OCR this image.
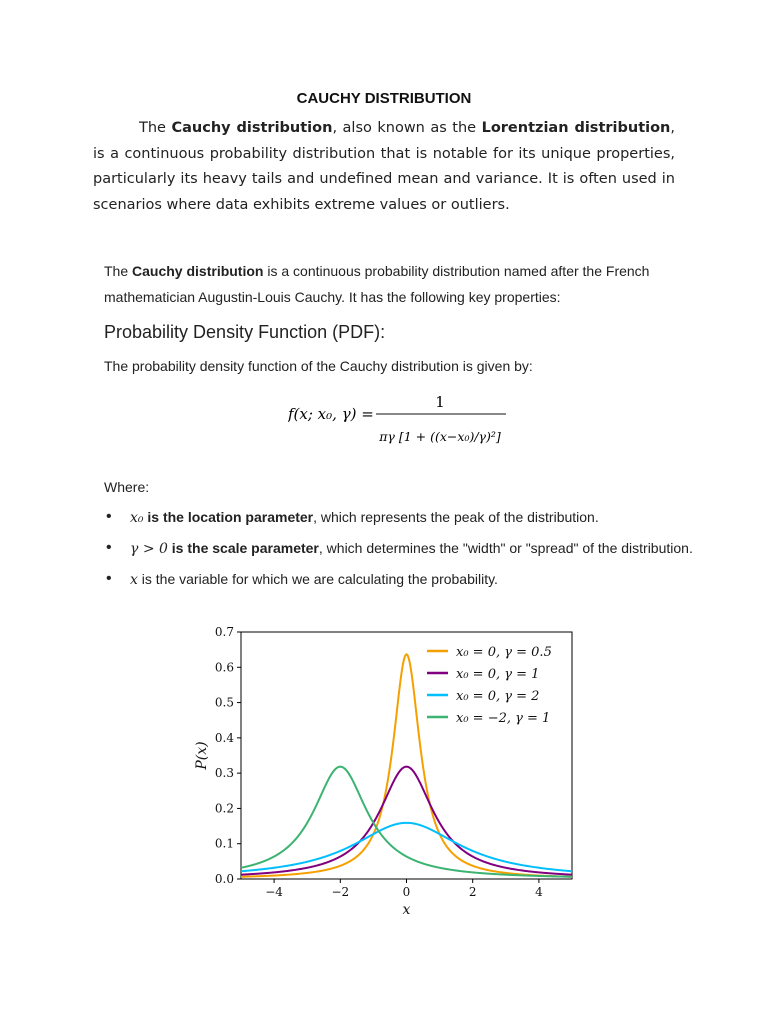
CAUCHY DISTRIBUTION

The Cauchy distribution, also known as the Lorentzian distribution, is a continuous probability distribution that is notable for its unique properties, particularly its heavy tails and undefined mean and variance. It is often used in scenarios where data exhibits extreme values or outliers.

The Cauchy distribution is a continuous probability distribution named after the French mathematician Augustin-Louis Cauchy. It has the following key properties:
Probability Density Function (PDF):
The probability density function of the Cauchy distribution is given by:
f(x; x₀, γ) =
1
πγ [1 + ((x−x₀)/γ)²]
Where:
• x₀ is the location parameter, which represents the peak of the distribution.
• γ > 0 is the scale parameter, which determines the "width" or "spread" of the distribution.
• x is the variable for which we are calculating the probability.
−4	−2	0	2	4
0.0
0.1
0.2
0.3
0.4
0.5
0.6
0.7
x
P(x)
x₀ = 0, γ = 0.5
x₀ = 0, γ = 1
x₀ = 0, γ = 2
x₀ = −2, γ = 1
